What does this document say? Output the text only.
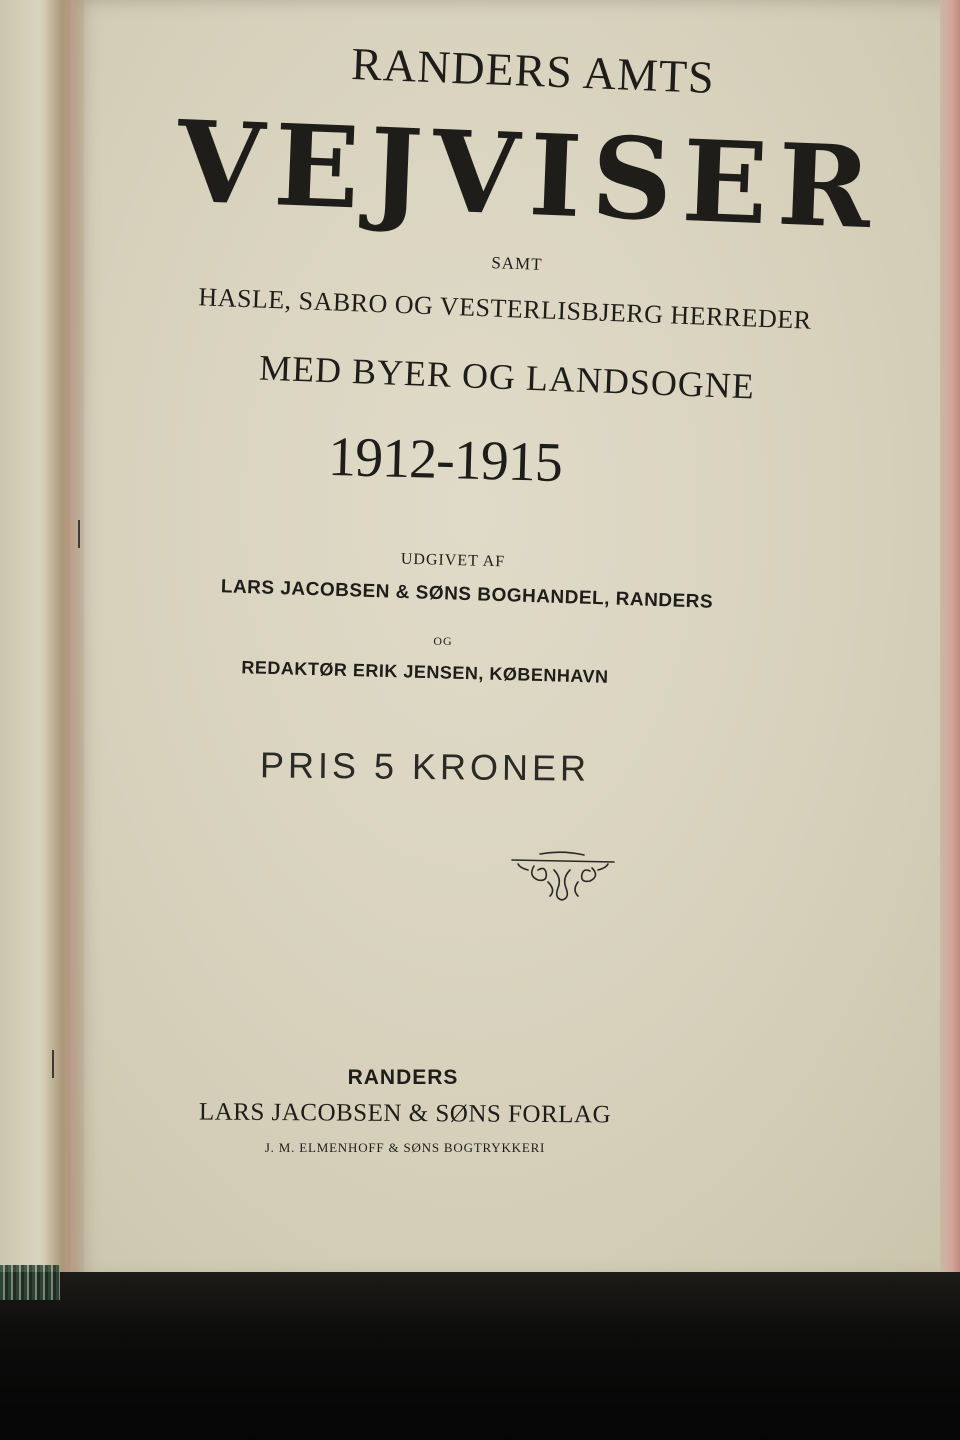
RANDERS AMTS
VEJVISER
SAMT
HASLE, SABRO OG VESTERLISBJERG HERREDER
MED BYER OG LANDSOGNE
1912-1915
UDGIVET AF
LARS JACOBSEN & SØNS BOGHANDEL, RANDERS
OG
REDAKTØR ERIK JENSEN, KØBENHAVN
PRIS 5 KRONER
RANDERS
LARS JACOBSEN & SØNS FORLAG
J. M. ELMENHOFF & SØNS BOGTRYKKERI
